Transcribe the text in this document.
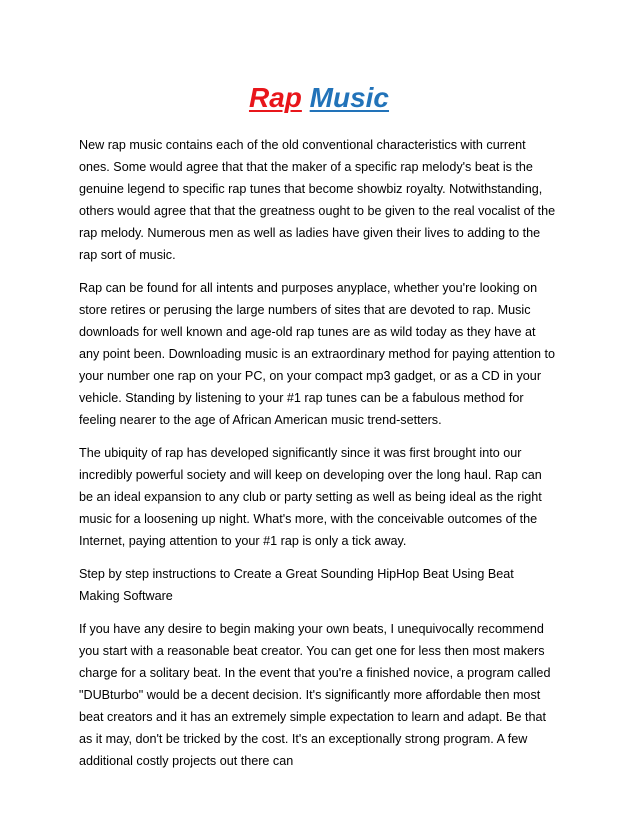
Rap Music

New rap music contains each of the old conventional characteristics with current ones. Some would agree that that the maker of a specific rap melody's beat is the genuine legend to specific rap tunes that become showbiz royalty. Notwithstanding, others would agree that that the greatness ought to be given to the real vocalist of the rap melody. Numerous men as well as ladies have given their lives to adding to the rap sort of music.

Rap can be found for all intents and purposes anyplace, whether you're looking on store retires or perusing the large numbers of sites that are devoted to rap. Music downloads for well known and age-old rap tunes are as wild today as they have at any point been. Downloading music is an extraordinary method for paying attention to your number one rap on your PC, on your compact mp3 gadget, or as a CD in your vehicle. Standing by listening to your #1 rap tunes can be a fabulous method for feeling nearer to the age of African American music trend-setters.

The ubiquity of rap has developed significantly since it was first brought into our incredibly powerful society and will keep on developing over the long haul. Rap can be an ideal expansion to any club or party setting as well as being ideal as the right music for a loosening up night. What's more, with the conceivable outcomes of the Internet, paying attention to your #1 rap is only a tick away.

Step by step instructions to Create a Great Sounding HipHop Beat Using Beat Making Software

If you have any desire to begin making your own beats, I unequivocally recommend you start with a reasonable beat creator. You can get one for less then most makers charge for a solitary beat. In the event that you're a finished novice, a program called "DUBturbo" would be a decent decision. It's significantly more affordable then most beat creators and it has an extremely simple expectation to learn and adapt. Be that as it may, don't be tricked by the cost. It's an exceptionally strong program. A few additional costly projects out there can
